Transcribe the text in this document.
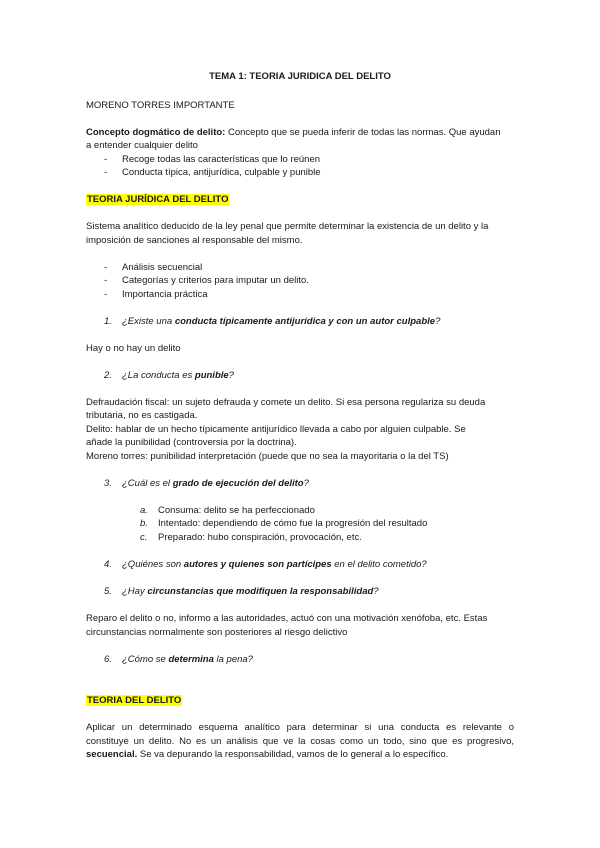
TEMA 1: TEORIA JURIDICA DEL DELITO
MORENO TORRES IMPORTANTE
Concepto dogmático de delito: Concepto que se pueda inferir de todas las normas. Que ayudan
a entender cualquier delito
- Recoge todas las características que lo reúnen
- Conducta típica, antijurídica, culpable y punible
TEORIA JURÍDICA DEL DELITO
Sistema analítico deducido de la ley penal que permite determinar la existencia de un delito y la
imposición de sanciones al responsable del mismo.
- Análisis secuencial
- Categorías y criterios para imputar un delito.
- Importancia práctica
1. ¿Existe una conducta típicamente antijurídica y con un autor culpable?
Hay o no hay un delito
2. ¿La conducta es punible?
Defraudación fiscal: un sujeto defrauda y comete un delito. Si esa persona regulariza su deuda
tributaria, no es castigada.
Delito: hablar de un hecho típicamente antijurídico llevada a cabo por alguien culpable. Se
añade la punibilidad (controversia por la doctrina).
Moreno torres: punibilidad interpretación (puede que no sea la mayoritaria o la del TS)
3. ¿Cuál es el grado de ejecución del delito?
a. Consuma: delito se ha perfeccionado
b. Intentado: dependiendo de cómo fue la progresión del resultado
c. Preparado: hubo conspiración, provocación, etc.
4. ¿Quiénes son autores y quienes son partícipes en el delito cometido?
5. ¿Hay circunstancias que modifiquen la responsabilidad?
Reparo el delito o no, informo a las autoridades, actuó con una motivación xenófoba, etc. Estas
circunstancias normalmente son posteriores al riesgo delictivo
6. ¿Cómo se determina la pena?
TEORIA DEL DELITO
Aplicar un determinado esquema analítico para determinar si una conducta es relevante o
constituye un delito. No es un análisis que ve la cosas como un todo, sino que es progresivo,
secuencial. Se va depurando la responsabilidad, vamos de lo general a lo específico.
